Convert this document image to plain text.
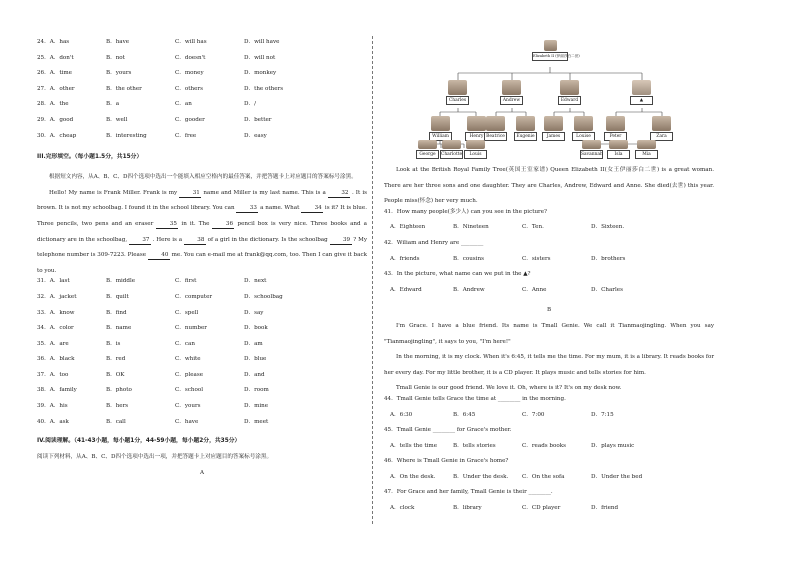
24．A．has	B．have	C．will has	D．will have
25．A．don't	B．not	C．doesn't	D．will not
26．A．time	B．yours	C．money	D．monkey
27．A．other	B．the other	C．others	D．the others
28．A．the	B．a	C．an	D．/
29．A．good	B．well	C．gooder	D．better
30．A．cheap	B．interesting	C．free	D．easy
III.完形填空。（每小题1.5分，共15分）
根据短文内容，从A、B、C、D四个选项中选出一个能填入相应空格内的最佳答案，并把答题卡上对应题目的答案标号涂黑。
Hello! My name is Frank Miller. Frank is my 31 name and Miller is my last name. This is a 32 . It is brown. It is not my schoolbag. I found it in the school library. You can 33 a name. What 34 is it? It is blue. Three pencils, two pens and an eraser 35 in it. The 36 pencil box is very nice. Three books and a dictionary are in the schoolbag, 37 . Here is a 38 of a girl in the dictionary. Is the schoolbag 39 ? My telephone number is 309-7223. Please 40 me. You can e-mail me at frank@qq.com, too. Then I can give it back to you.
31．A．last	B．middle	C．first	D．next
32．A．jacket	B．quilt	C．computer	D．schoolbag
33．A．know	B．find	C．spell	D．say
34．A．color	B．name	C．number	D．book
35．A．are	B．is	C．can	D．am
36．A．black	B．red	C．white	D．blue
37．A．too	B．OK	C．please	D．and
38．A．family	B．photo	C．school	D．room
39．A．his	B．hers	C．yours	D．mine
40．A．ask	B．call	C．have	D．meet
IV.阅读理解。（41-43小题，每小题1分，44-59小题，每小题2分，共35分）
阅读下列材料，从A、B、C、D四个选项中选出一项，并把答题卡上对应题目的答案标号涂黑。
A
Elizabeth II (伊丽莎白二世)
Charles	Andrew	Edward	▲
William	Henry Beatrice	Eugenie	James	Louise	Peter	Zara
George	Charlotte	Louis	Savannah	Isla	Mia
Look at the British Royal Family Tree(英国王室家谱) Queen Elizabeth II(女王伊丽莎白二世) is a great woman. There are her three sons and one daughter. They are Charles, Andrew, Edward and Anne. She died(去世) this year. People miss(怀念) her very much.
41．How many people(多少人) can you see in the picture?
A．Eighteen	B．Nineteen	C．Ten.	D．Sixteen.
42．Wiliam and Henry are ________
A．friends	B．cousins	C．sisters	D．brothers
43．In the picture, what name can we put in the ▲?
A．Edward	B．Andrew	C．Anne	D．Charles
B
I'm Grace. I have a blue friend. Its name is Tmall Genie. We call it Tianmaojingling. When you say "Tianmaojingling", it says to you, "I'm here!"
In the morning, it is my clock. When it's 6:45, it tells me the time. For my mum, it is a library. It reads books for her every day. For my little brother, it is a CD player. It plays music and tells stories for him.
Tmall Genie is our good friend. We love it. Oh, where is it? It's on my desk now.
44．Tmall Genie tells Grace the time at ________ in the morning.
A．6:30	B．6:45	C．7:00	D．7:15
45．Tmall Genie ________ for Grace's mother.
A．tells the time	B．tells stories	C．reads books	D．plays music
46．Where is Tmall Genie in Grace's home?
A．On the desk.	B．Under the desk. C．On the sofa	D．Under the bed
47．For Grace and her family, Tmall Genie is their ________.
A．clock	B．library	C．CD player	D．friend
